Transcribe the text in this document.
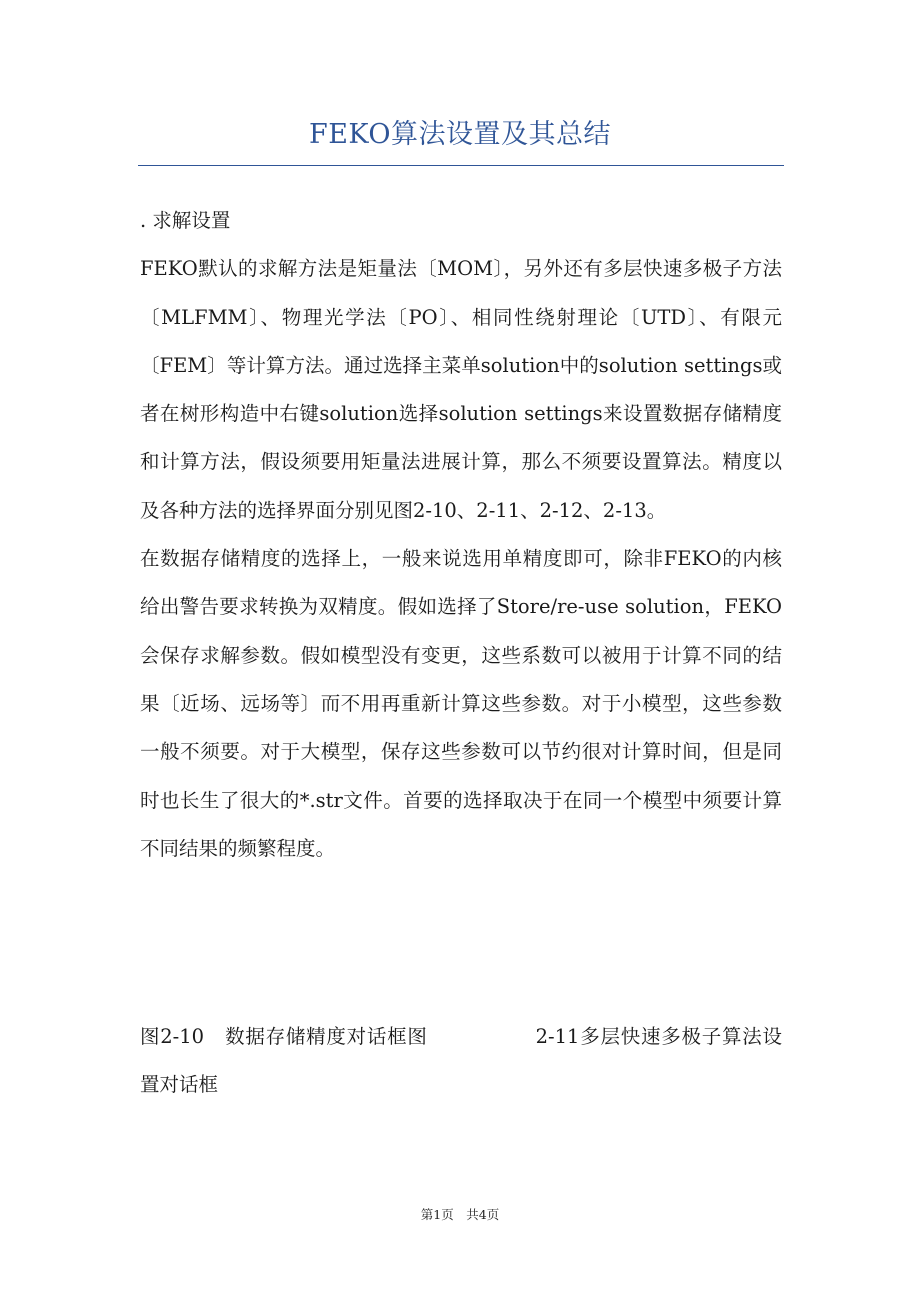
FEKO算法设置及其总结

. 求解设置

FEKO默认的求解方法是矩量法〔MOM〕，另外还有多层快速多极子方法〔MLFMM〕、物理光学法〔PO〕、相同性绕射理论〔UTD〕、有限元〔FEM〕等计算方法。通过选择主菜单solution中的solution settings或者在树形构造中右键solution选择solution settings来设置数据存储精度和计算方法，假设须要用矩量法进展计算，那么不须要设置算法。精度以及各种方法的选择界面分别见图2-10、2-11、2-12、2-13。

在数据存储精度的选择上，一般来说选用单精度即可，除非FEKO的内核给出警告要求转换为双精度。假如选择了Store/re-use solution，FEKO会保存求解参数。假如模型没有变更，这些系数可以被用于计算不同的结果〔近场、远场等〕而不用再重新计算这些参数。对于小模型，这些参数一般不须要。对于大模型，保存这些参数可以节约很对计算时间，但是同时也长生了很大的*.str文件。首要的选择取决于在同一个模型中须要计算不同结果的频繁程度。

图2-10　数据存储精度对话框图	2-11多层快速多极子算法设置对话框
第1页　共4页
